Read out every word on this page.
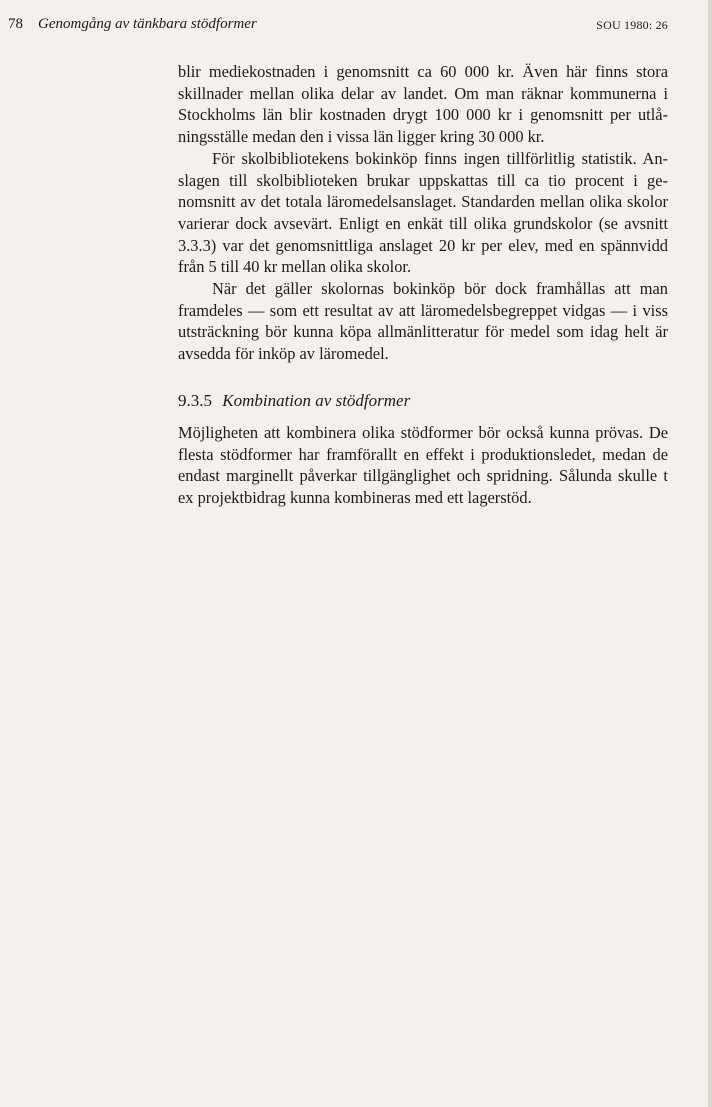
78 Genomgång av tänkbara stödformer	SOU 1980: 26

blir mediekostnaden i genomsnitt ca 60 000 kr. Även här finns stora skillnader mellan olika delar av landet. Om man räknar kommunerna i Stockholms län blir kostnaden drygt 100 000 kr i genomsnitt per utlåningsställe medan den i vissa län ligger kring 30 000 kr.

För skolbibliotekens bokinköp finns ingen tillförlitlig statistik. Anslagen till skolbiblioteken brukar uppskattas till ca tio procent i genomsnitt av det totala läromedelsanslaget. Standarden mellan olika skolor varierar dock avsevärt. Enligt en enkät till olika grundskolor (se avsnitt 3.3.3) var det genomsnittliga anslaget 20 kr per elev, med en spännvidd från 5 till 40 kr mellan olika skolor.

När det gäller skolornas bokinköp bör dock framhållas att man framdeles — som ett resultat av att läromedelsbegreppet vidgas — i viss utsträckning bör kunna köpa allmänlitteratur för medel som idag helt är avsedda för inköp av läromedel.

9.3.5 Kombination av stödformer

Möjligheten att kombinera olika stödformer bör också kunna prövas. De flesta stödformer har framförallt en effekt i produktionsledet, medan de endast marginellt påverkar tillgänglighet och spridning. Sålunda skulle t ex projektbidrag kunna kombineras med ett lagerstöd.
